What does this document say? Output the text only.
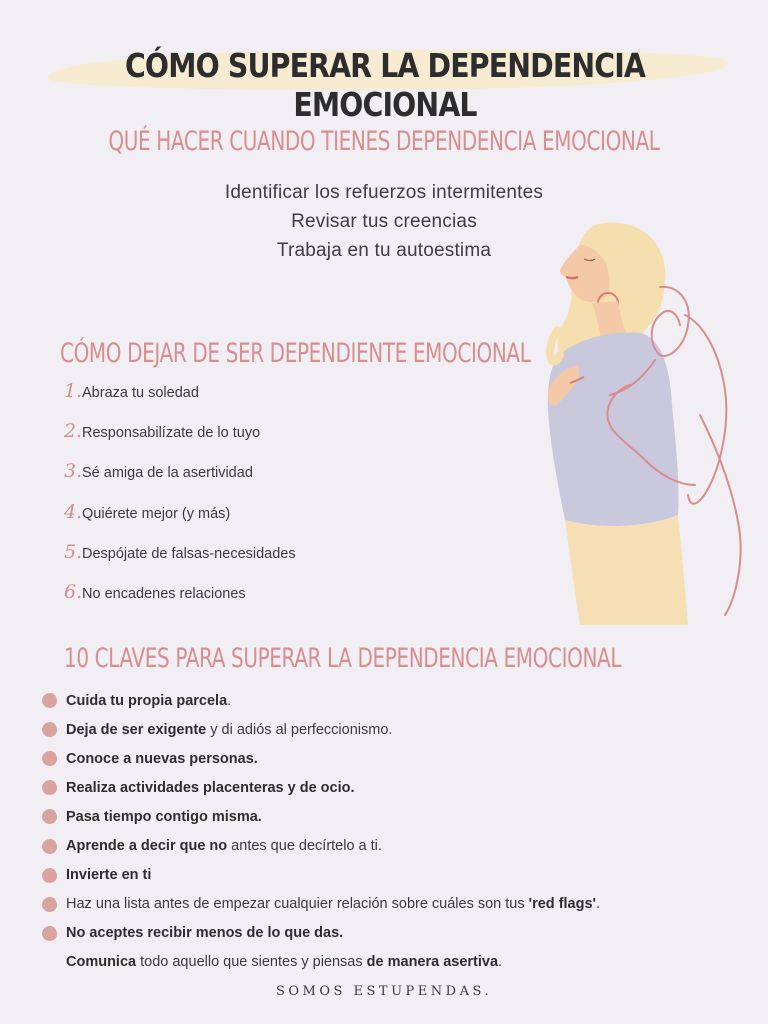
CÓMO SUPERAR LA DEPENDENCIA EMOCIONAL
QUÉ HACER CUANDO TIENES DEPENDENCIA EMOCIONAL
Identificar los refuerzos intermitentes
Revisar tus creencias
Trabaja en tu autoestima
CÓMO DEJAR DE SER DEPENDIENTE EMOCIONAL
1. Abraza tu soledad
2. Responsabilízate de lo tuyo
3. Sé amiga de la asertividad
4. Quiérete mejor (y más)
5. Despójate de falsas-necesidades
6. No encadenes relaciones
10 CLAVES PARA SUPERAR LA DEPENDENCIA EMOCIONAL
Cuida tu propia parcela.
Deja de ser exigente y di adiós al perfeccionismo.
Conoce a nuevas personas.
Realiza actividades placenteras y de ocio.
Pasa tiempo contigo misma.
Aprende a decir que no antes que decírtelo a ti.
Invierte en ti
Haz una lista antes de empezar cualquier relación sobre cuáles son tus 'red flags'.
No aceptes recibir menos de lo que das.
Comunica todo aquello que sientes y piensas de manera asertiva.
SOMOS ESTUPENDAS.
